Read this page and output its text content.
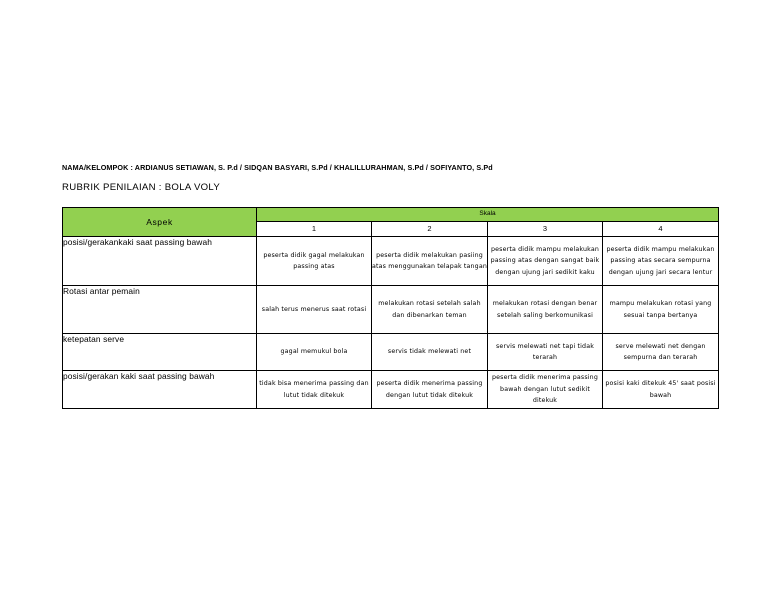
NAMA/KELOMPOK : ARDIANUS SETIAWAN, S. P.d / SIDQAN BASYARI, S.Pd / KHALILLURAHMAN, S.Pd / SOFIYANTO, S.Pd
RUBRIK PENILAIAN : BOLA VOLY
Aspek	Skala			
	1	2	3	4
posisi/gerakankaki saat passing bawah	peserta didik gagal melakukan passing atas	peserta didik melakukan pasiing atas menggunakan telapak tangan	peserta didik mampu melakukan passing atas dengan sangat baik dengan ujung jari sedikit kaku	peserta didik mampu melakukan passing atas secara sempurna dengan ujung jari secara lentur
Rotasi antar pemain	salah terus menerus saat rotasi	melakukan rotasi setelah salah dan dibenarkan teman	melakukan rotasi dengan benar setelah saling berkomunikasi	mampu melakukan rotasi yang sesuai tanpa bertanya
ketepatan serve	gagal memukul bola	servis tidak melewati net	servis melewati net tapi tidak terarah	serve melewati net dengan sempurna dan terarah
posisi/gerakan kaki saat passing bawah	tidak bisa menerima passing dan lutut tidak ditekuk	peserta didik menerima passing dengan lutut tidak ditekuk	peserta didik menerima passing bawah dengan lutut sedikit ditekuk	posisi kaki ditekuk 45' saat posisi bawah
